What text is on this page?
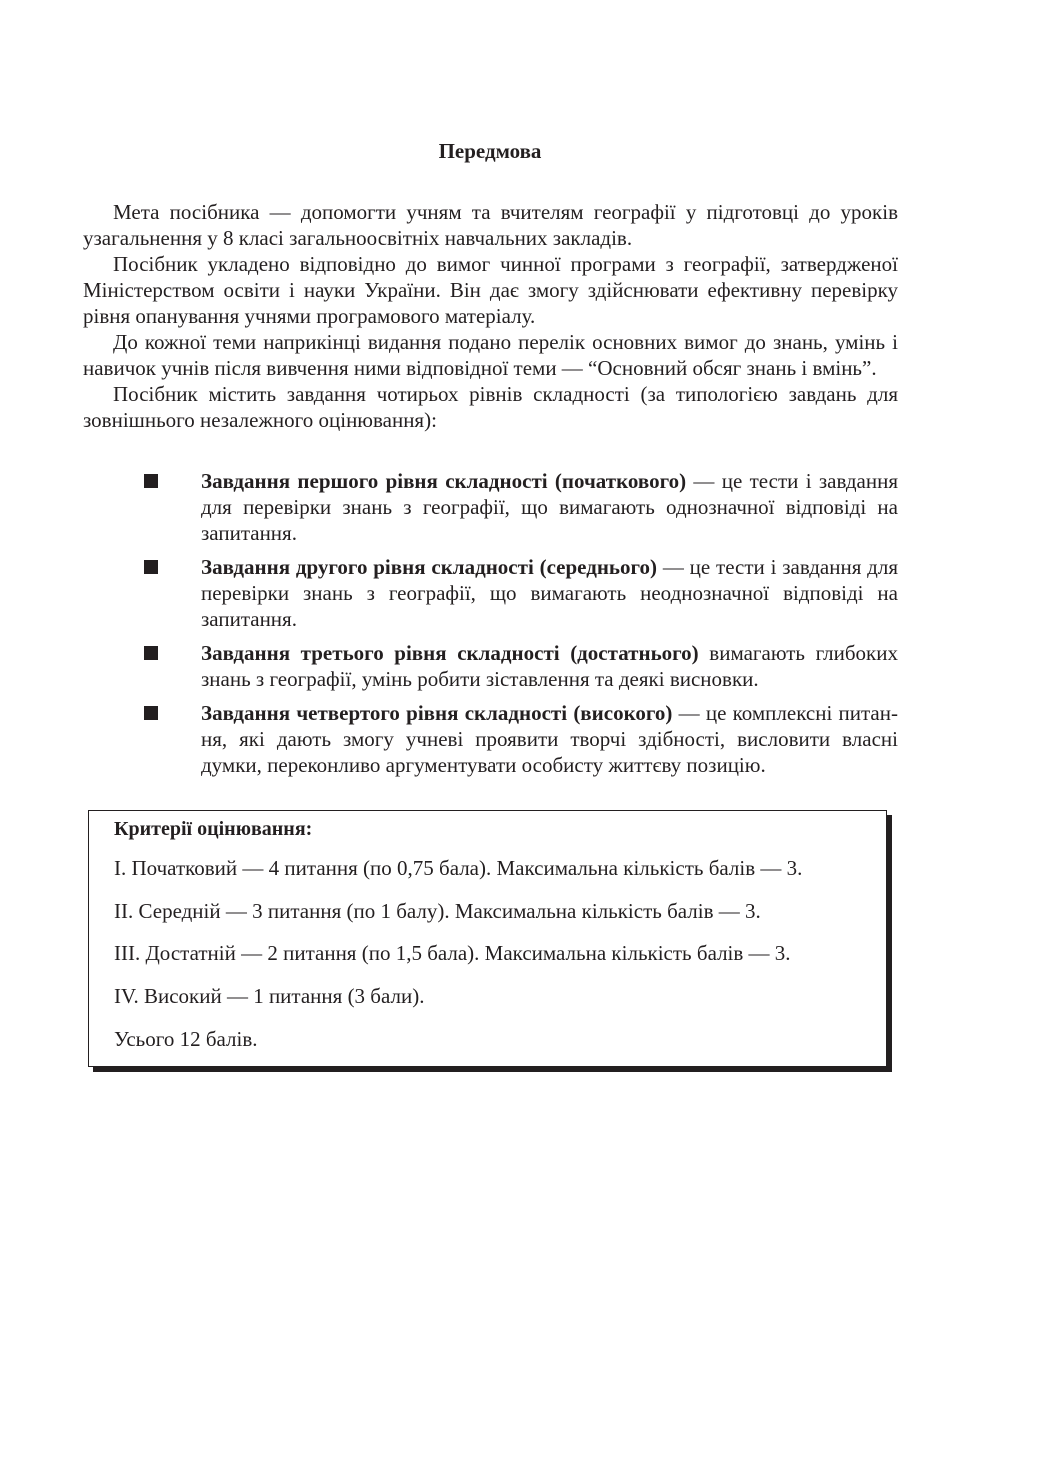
Передмова

Мета посібника — допомогти учням та вчителям географії у підготовці до уроків узагальнення у 8 класі загальноосвітніх навчальних закладів.

Посібник укладено відповідно до вимог чинної програми з географії, затвердженої Міністерством освіти і науки України. Він дає змогу здійснювати ефективну перевірку рівня опанування учнями програмового матеріалу.

До кожної теми наприкінці видання подано перелік основних вимог до знань, умінь і навичок учнів після вивчення ними відповідної теми — “Основний обсяг знань і вмінь”.

Посібник містить завдання чотирьох рівнів складності (за типологією завдань для зовнішнього незалежного оцінювання):

Завдання першого рівня складності (початкового) — це тести і завдання для перевірки знань з географії, що вимагають однозначної відповіді на запитання.
Завдання другого рівня складності (середнього) — це тести і завдання для перевірки знань з географії, що вимагають неоднозначної відповіді на запитання.
Завдання третього рівня складності (достатнього) вимагають глибоких знань з географії, умінь робити зіставлення та деякі висновки.
Завдання четвертого рівня складності (високого) — це комплексні питання, які дають змогу учневі проявити творчі здібності, висловити власні думки, переконливо аргументувати особисту життєву позицію.
Критерії оцінювання:
I. Початковий — 4 питання (по 0,75 бала). Максимальна кількість балів — 3.
II. Середній — 3 питання (по 1 балу). Максимальна кількість балів — 3.
III. Достатній — 2 питання (по 1,5 бала). Максимальна кількість балів — 3.
IV. Високий — 1 питання (3 бали).
Усього 12 балів.
